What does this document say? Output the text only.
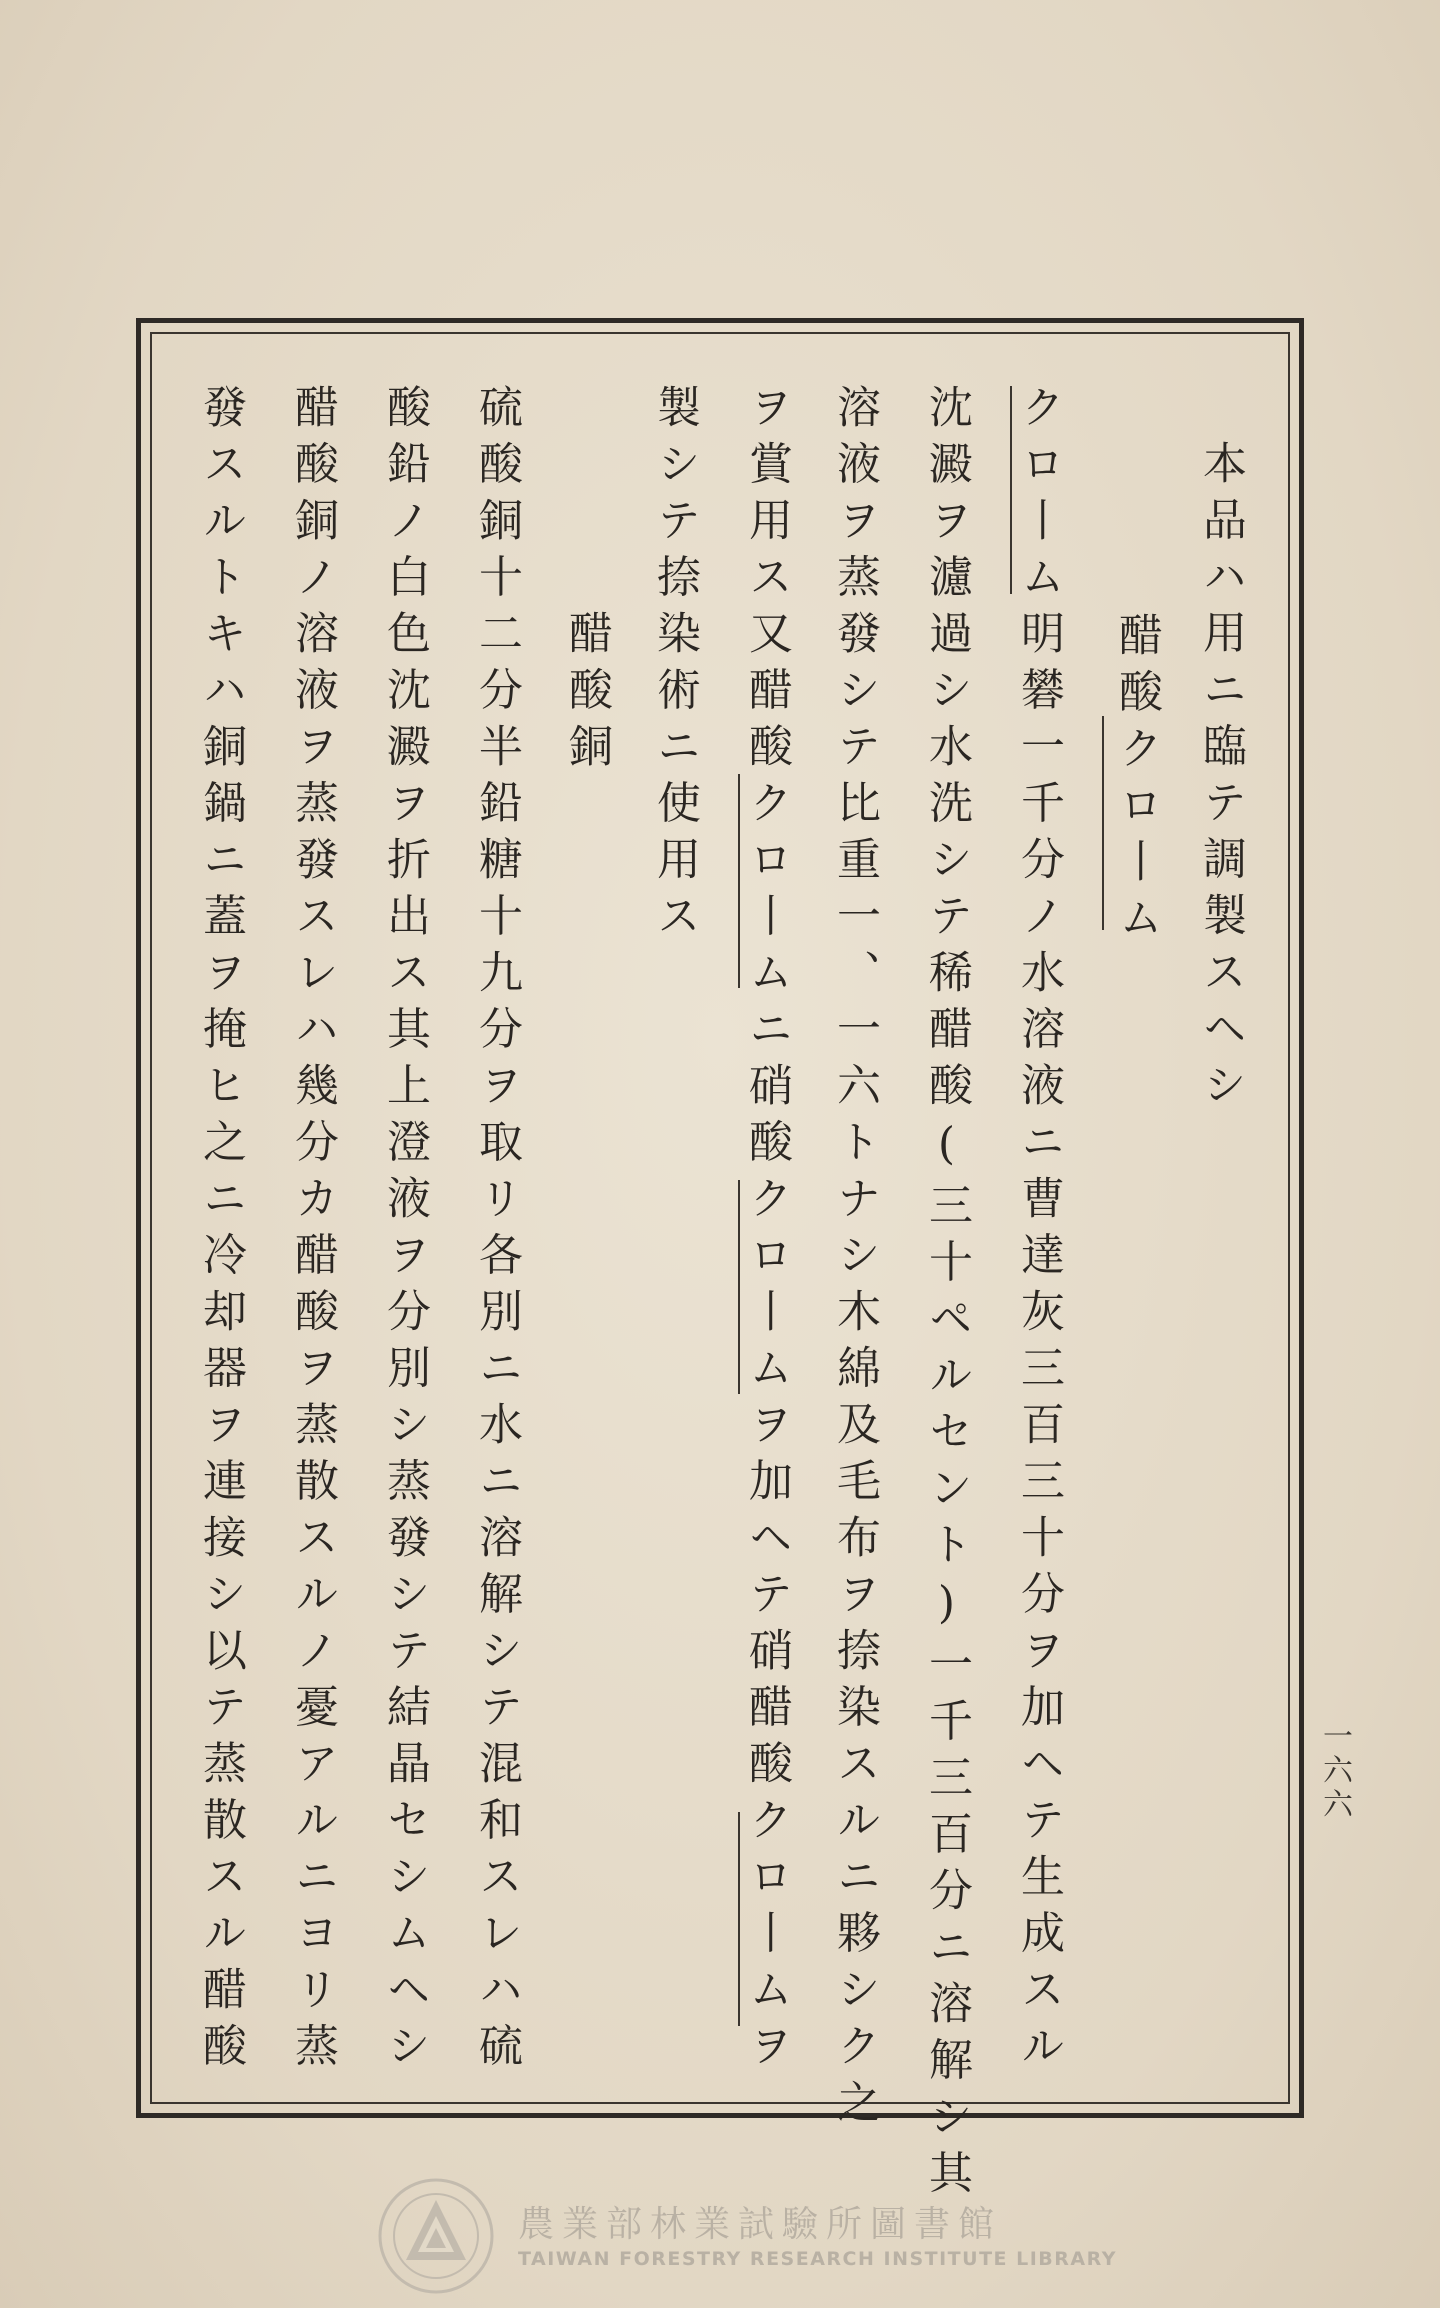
本品ハ用ニ臨テ調製スヘシ
醋酸クロ丨ム
クロ丨ム明礬一千分ノ水溶液ニ曹達灰三百三十分ヲ加ヘテ生成スル
沈澱ヲ濾過シ水洗シテ稀醋酸(三十ペルセント)一千三百分ニ溶解シ其
溶液ヲ蒸發シテ比重一、一六トナシ木綿及毛布ヲ捺染スルニ夥シク之
ヲ賞用ス又醋酸クロ丨ムニ硝酸クロ丨ムヲ加ヘテ硝醋酸クロ丨ムヲ
製シテ捺染術ニ使用ス
醋酸銅
硫酸銅十二分半鉛糖十九分ヲ取リ各別ニ水ニ溶解シテ混和スレハ硫
酸鉛ノ白色沈澱ヲ折出ス其上澄液ヲ分別シ蒸發シテ結晶セシムヘシ
醋酸銅ノ溶液ヲ蒸發スレハ幾分カ醋酸ヲ蒸散スルノ憂アルニヨリ蒸
發スルトキハ銅鍋ニ蓋ヲ掩ヒ之ニ冷却器ヲ連接シ以テ蒸散スル醋酸	一六六
農業部林業試驗所圖書館
TAIWAN FORESTRY RESEARCH INSTITUTE LIBRARY
